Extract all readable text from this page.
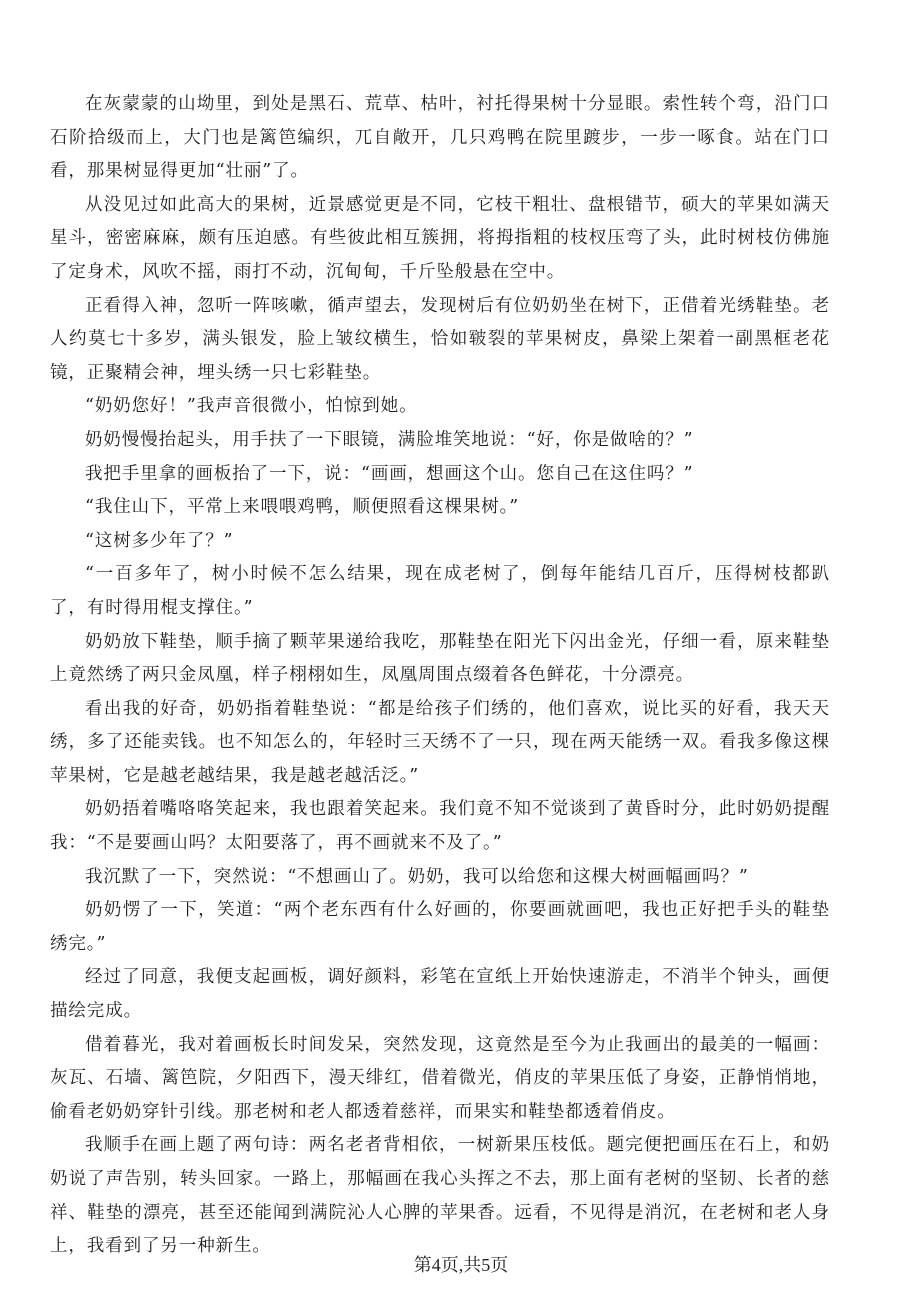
在灰蒙蒙的山坳里，到处是黑石、荒草、枯叶，衬托得果树十分显眼。索性转个弯，沿门口石阶拾级而上，大门也是篱笆编织，兀自敞开，几只鸡鸭在院里踱步，一步一啄食。站在门口看，那果树显得更加“壮丽”了。

从没见过如此高大的果树，近景感觉更是不同，它枝干粗壮、盘根错节，硕大的苹果如满天星斗，密密麻麻，颇有压迫感。有些彼此相互簇拥，将拇指粗的枝杈压弯了头，此时树枝仿佛施了定身术，风吹不摇，雨打不动，沉甸甸，千斤坠般悬在空中。

正看得入神，忽听一阵咳嗽，循声望去，发现树后有位奶奶坐在树下，正借着光绣鞋垫。老人约莫七十多岁，满头银发，脸上皱纹横生，恰如皲裂的苹果树皮，鼻梁上架着一副黑框老花镜，正聚精会神，埋头绣一只七彩鞋垫。

“奶奶您好！”我声音很微小，怕惊到她。

奶奶慢慢抬起头，用手扶了一下眼镜，满脸堆笑地说：“好，你是做啥的？”

我把手里拿的画板抬了一下，说：“画画，想画这个山。您自己在这住吗？”

“我住山下，平常上来喂喂鸡鸭，顺便照看这棵果树。”

“这树多少年了？”

“一百多年了，树小时候不怎么结果，现在成老树了，倒每年能结几百斤，压得树枝都趴了，有时得用棍支撑住。”

奶奶放下鞋垫，顺手摘了颗苹果递给我吃，那鞋垫在阳光下闪出金光，仔细一看，原来鞋垫上竟然绣了两只金凤凰，样子栩栩如生，凤凰周围点缀着各色鲜花，十分漂亮。

看出我的好奇，奶奶指着鞋垫说：“都是给孩子们绣的，他们喜欢，说比买的好看，我天天绣，多了还能卖钱。也不知怎么的，年轻时三天绣不了一只，现在两天能绣一双。看我多像这棵苹果树，它是越老越结果，我是越老越活泛。”

奶奶捂着嘴咯咯笑起来，我也跟着笑起来。我们竟不知不觉谈到了黄昏时分，此时奶奶提醒我：“不是要画山吗？太阳要落了，再不画就来不及了。”

我沉默了一下，突然说：“不想画山了。奶奶，我可以给您和这棵大树画幅画吗？”

奶奶愣了一下，笑道：“两个老东西有什么好画的，你要画就画吧，我也正好把手头的鞋垫绣完。”

经过了同意，我便支起画板，调好颜料，彩笔在宣纸上开始快速游走，不消半个钟头，画便描绘完成。

借着暮光，我对着画板长时间发呆，突然发现，这竟然是至今为止我画出的最美的一幅画：灰瓦、石墙、篱笆院，夕阳西下，漫天绯红，借着微光，俏皮的苹果压低了身姿，正静悄悄地，偷看老奶奶穿针引线。那老树和老人都透着慈祥，而果实和鞋垫都透着俏皮。

我顺手在画上题了两句诗：两名老者背相依，一树新果压枝低。题完便把画压在石上，和奶奶说了声告别，转头回家。一路上，那幅画在我心头挥之不去，那上面有老树的坚韧、长者的慈祥、鞋垫的漂亮，甚至还能闻到满院沁人心脾的苹果香。远看，不见得是消沉，在老树和老人身上，我看到了另一种新生。

第4页,共5页
